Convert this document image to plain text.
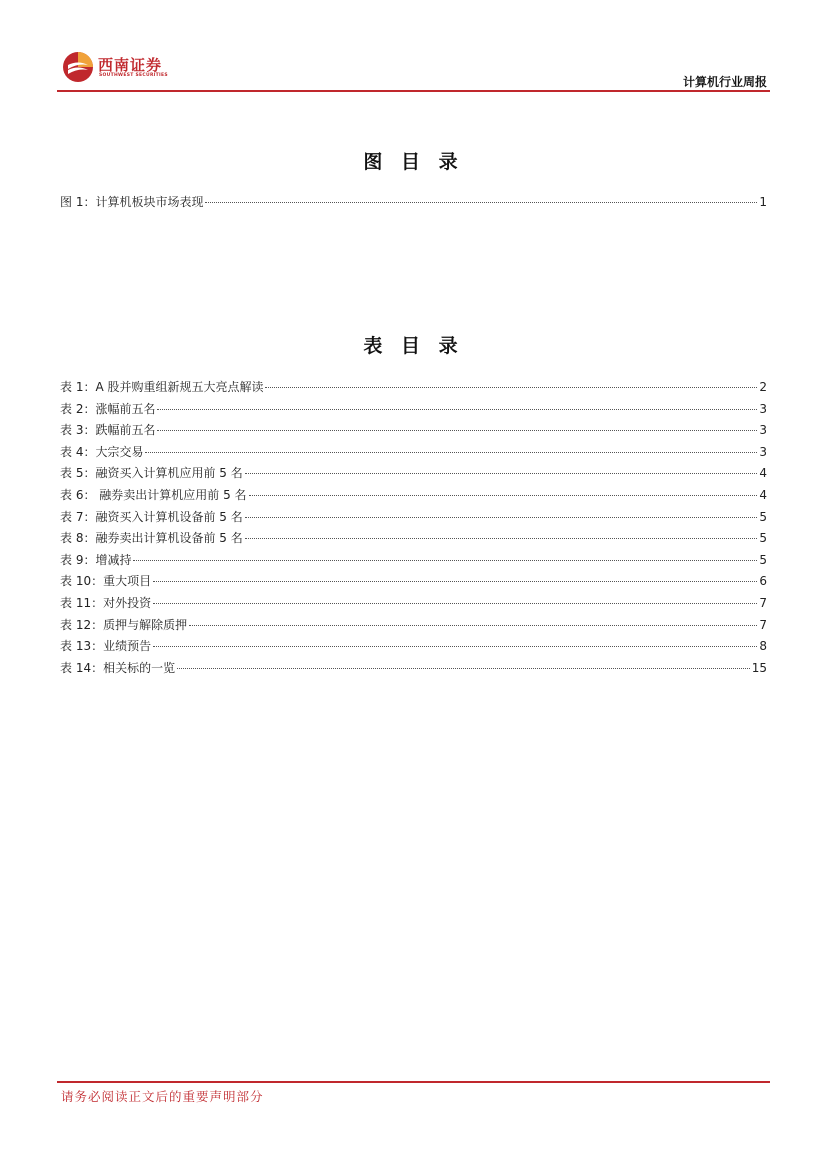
西南证券
SOUTHWEST SECURITIES	计算机行业周报
图 目 录
图 1：计算机板块市场表现	1
表 目 录
表 1：A 股并购重组新规五大亮点解读	2
表 2：涨幅前五名	3
表 3：跌幅前五名	3
表 4：大宗交易	3
表 5：融资买入计算机应用前 5 名	4
表 6： 融券卖出计算机应用前 5 名	4
表 7：融资买入计算机设备前 5 名	5
表 8：融券卖出计算机设备前 5 名	5
表 9：增减持	5
表 10：重大项目	6
表 11：对外投资	7
表 12：质押与解除质押	7
表 13：业绩预告	8
表 14：相关标的一览	15
请务必阅读正文后的重要声明部分
